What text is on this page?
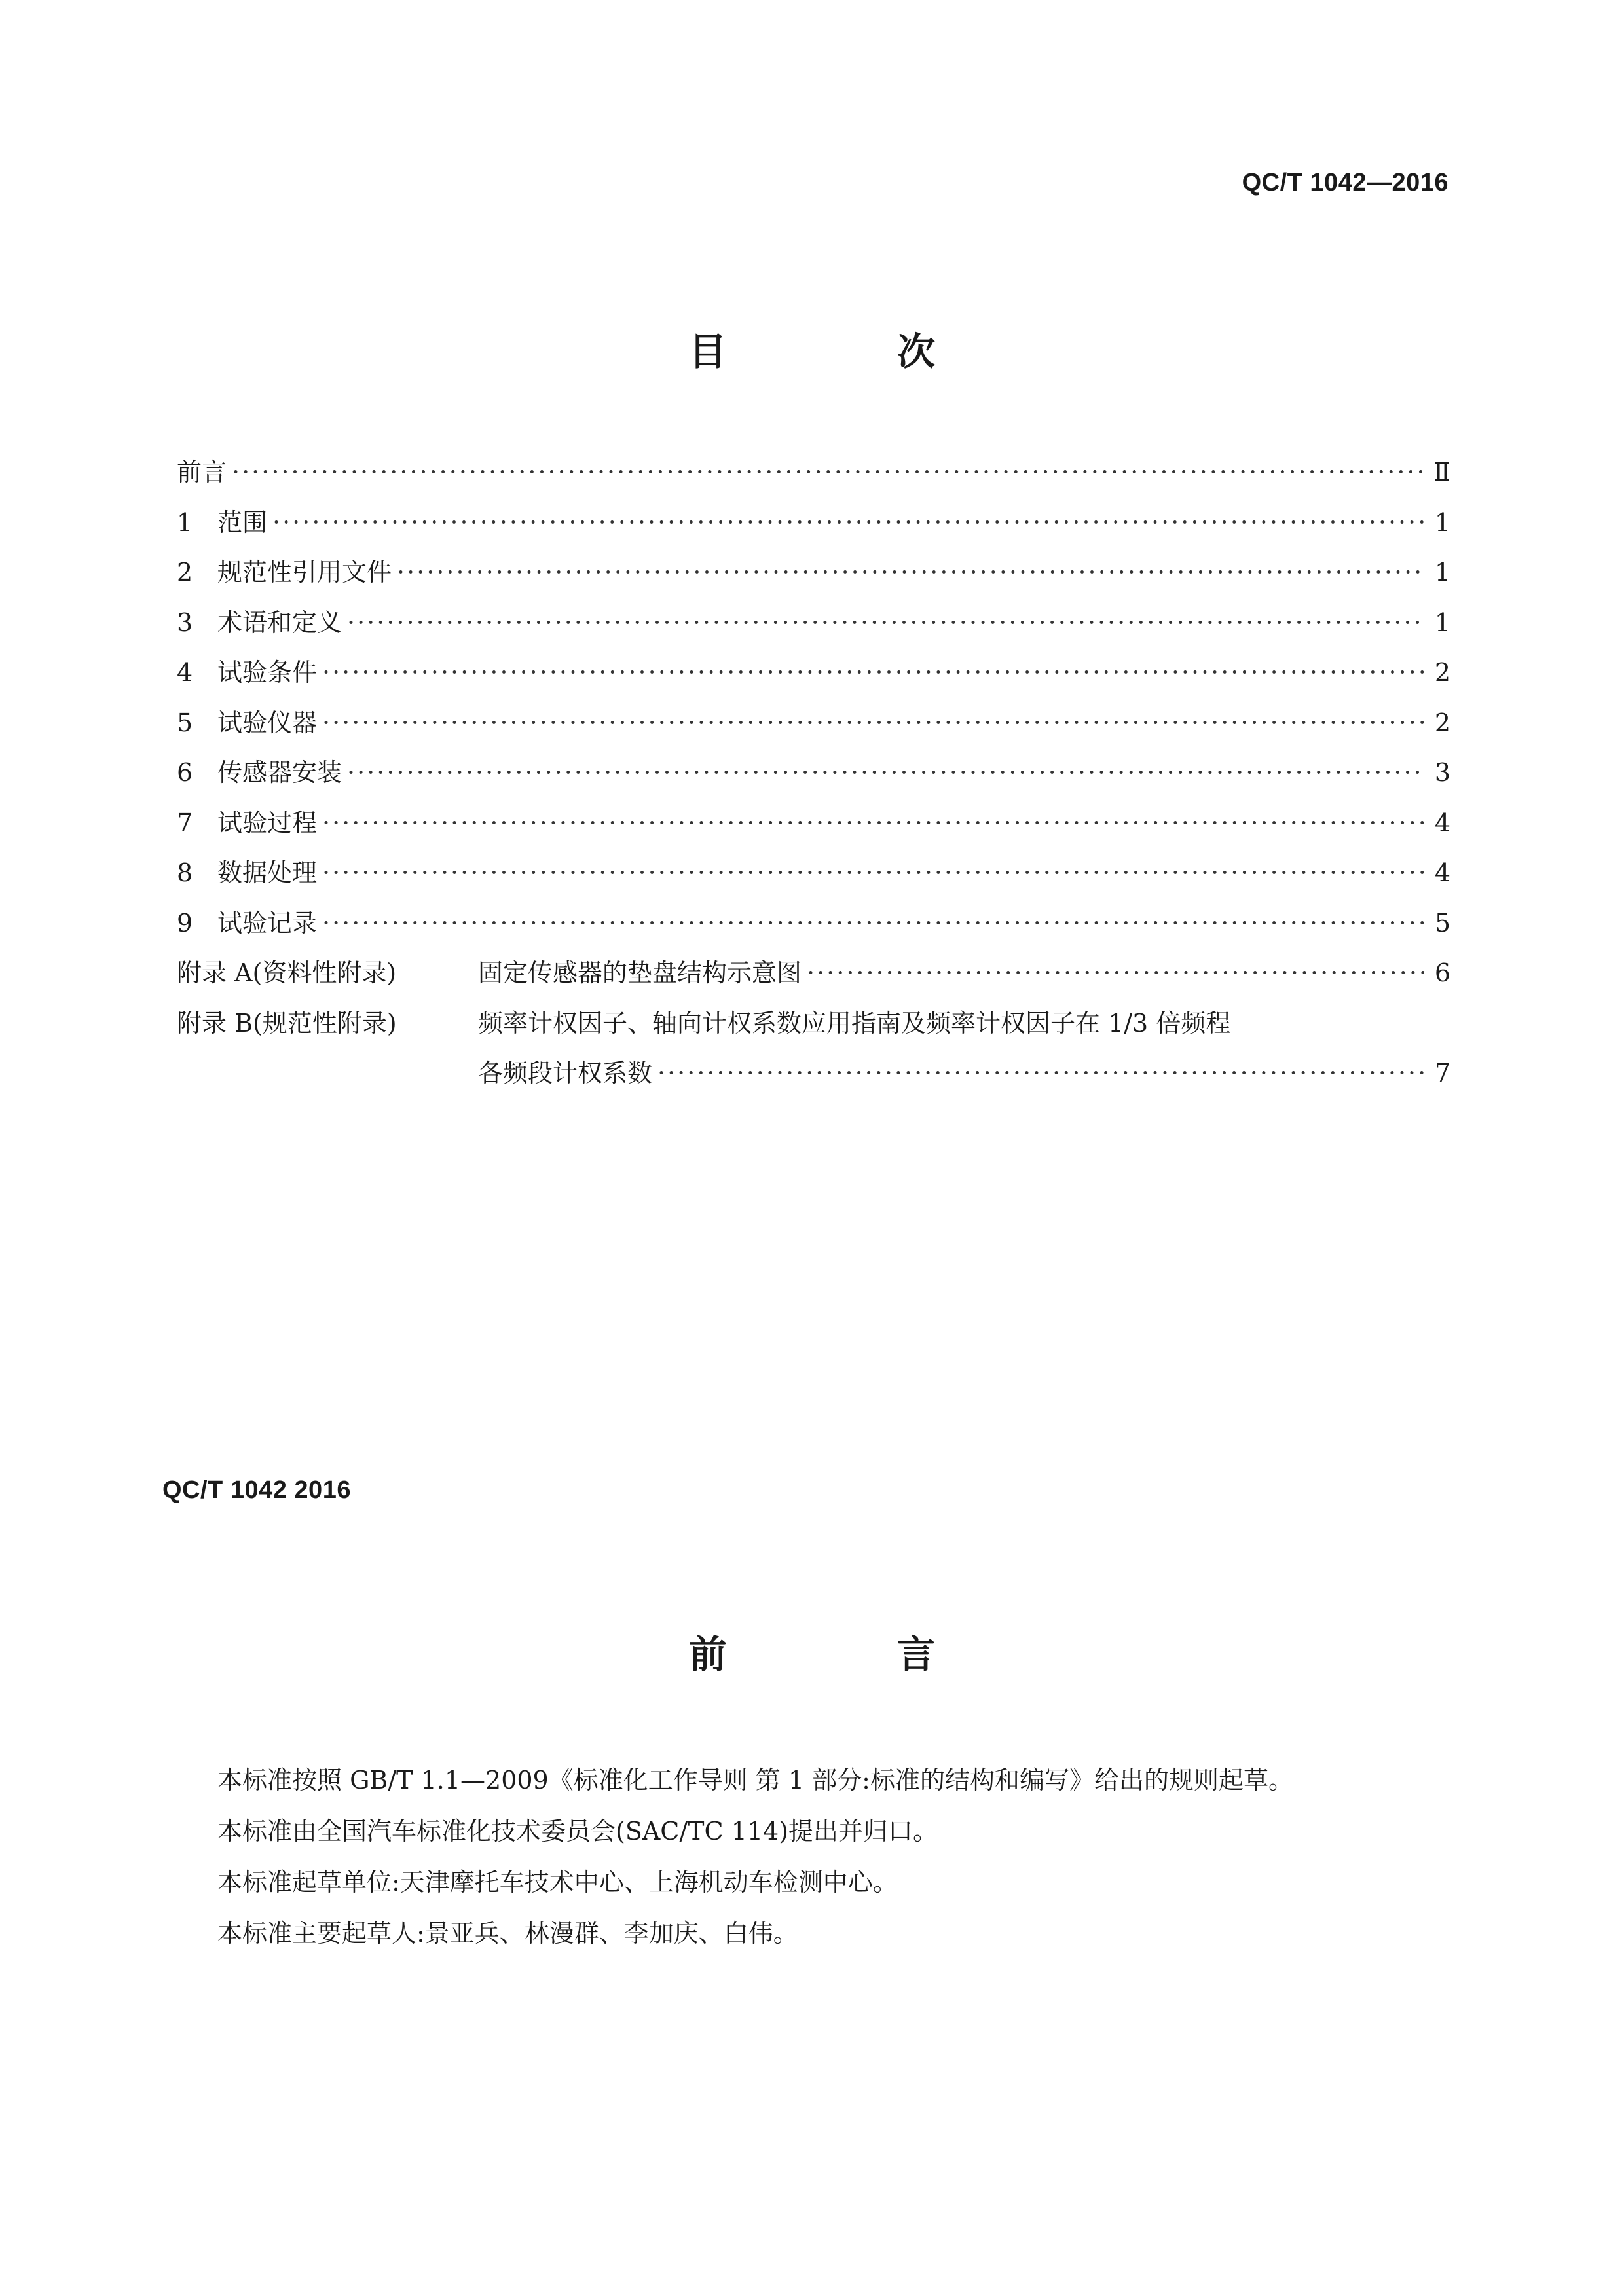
QC/T 1042—2016
目 次
前言 ·····	Ⅱ
1 范围 ·····	1
2 规范性引用文件 ·····	1
3 术语和定义 ·····	1
4 试验条件 ·····	2
5 试验仪器 ·····	2
6 传感器安装 ·····	3
7 试验过程 ·····	4
8 数据处理 ·····	4
9 试验记录 ·····	5
附录 A(资料性附录)	固定传感器的垫盘结构示意图 ·····	6
附录 B(规范性附录)	频率计权因子、轴向计权系数应用指南及频率计权因子在 1/3 倍频程
各频段计权系数 ·····	7
QC/T 1042 2016
前 言

本标准按照 GB/T 1.1—2009《标准化工作导则 第 1 部分:标准的结构和编写》给出的规则起草。

本标准由全国汽车标准化技术委员会(SAC/TC 114)提出并归口。

本标准起草单位:天津摩托车技术中心、上海机动车检测中心。

本标准主要起草人:景亚兵、林漫群、李加庆、白伟。
